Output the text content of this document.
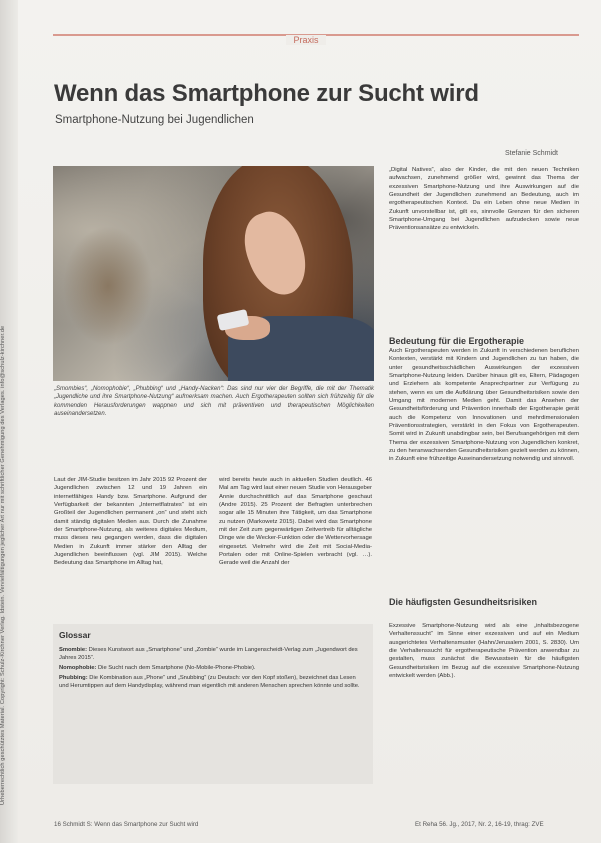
Urheberrechtlich geschütztes Material. Copyright: Schulz-Kirchner Verlag. Idstein. Vervielfältigungen jeglicher Art nur mit schriftlicher Genehmigung des Verlages. info@schulz-kirchner.de
Praxis
Wenn das Smartphone zur Sucht wird
Smartphone-Nutzung bei Jugendlichen
Stefanie Schmidt
„Smombies“, „Nomophobie“, „Phubbing“ und „Handy-Nacken“: Das sind nur vier der Begriffe, die mit der Thematik „Jugendliche und ihre Smartphone-Nutzung“ aufmerksam machen. Auch Ergotherapeuten sollten sich frühzeitig für die kommenden Herausforderungen wappnen und sich mit präventiven und therapeutischen Möglichkeiten auseinandersetzen.

Laut der JIM-Studie besitzen im Jahr 2015 92 Prozent der Jugendlichen zwischen 12 und 19 Jahren ein internetfähiges Handy bzw. Smartphone. Aufgrund der Verfügbarkeit der bekannten „Internetflatrates“ ist ein Großteil der Jugendlichen permanent „on“ und steht sich damit ständig digitalen Medien aus. Durch die Zunahme der Smartphone-Nutzung, als weiteres digitales Medium, muss dieses neu gegangen werden, dass die digitalen Medien in Zukunft immer stärker den Alltag der Jugendlichen beeinflussen (vgl. JIM 2015). Welche Bedeutung das Smartphone im Alltag hat,

wird bereits heute auch in aktuellen Studien deutlich. 46 Mal am Tag wird laut einer neuen Studie von Herausgeber Annie durchschnittlich auf das Smartphone geschaut (Andre 2015). 25 Prozent der Befragten unterbrechen sogar alle 15 Minuten ihre Tätigkeit, um das Smartphone zu nutzen (Markowetz 2015). Dabei wird das Smartphone mit der Zeit zum gegenwärtigen Zeitvertreib für alltägliche Dinge wie die Wecker-Funktion oder die Wettervorhersage eingesetzt. Vielmehr wird die Zeit mit Social-Media-Portalen oder mit Online-Spielen verbracht (vgl. …). Gerade weil die Anzahl der

„Digital Natives“, also der Kinder, die mit den neuen Techniken aufwachsen, zunehmend größer wird, gewinnt das Thema der exzessiven Smartphone-Nutzung und ihre Auswirkungen auf die Gesundheit der Jugendlichen zunehmend an Bedeutung, auch im ergotherapeutischen Kontext. Da ein Leben ohne neue Medien in Zukunft unvorstellbar ist, gilt es, sinnvolle Grenzen für den sicheren Smartphone-Umgang bei Jugendlichen aufzudecken sowie neue Präventionsansätze zu entwickeln.

Bedeutung für die Ergotherapie

Auch Ergotherapeuten werden in Zukunft in verschiedenen beruflichen Kontexten, verstärkt mit Kindern und Jugendlichen zu tun haben, die unter gesundheitsschädlichen Auswirkungen der exzessiven Smartphone-Nutzung leiden. Darüber hinaus gilt es, Eltern, Pädagogen und Erziehern als kompetente Ansprechpartner zur Verfügung zu stehen, wenn es um die Aufklärung über Gesundheitsrisiken sowie den Umgang mit modernen Medien geht. Damit das Ansehen der Gesundheitsförderung und Prävention innerhalb der Ergotherapie gerät auch die Kompetenz von Innovationen und mehrdimensionalen Präventionsstrategien, verstärkt in den Fokus von Ergotherapeuten. Somit wird in Zukunft unabdingbar sein, bei Berufsangehörigen mit dem Thema der exzessiven Smartphone-Nutzung von Jugendlichen konkret, zu den heranwachsenden Gesundheitsrisiken gezielt werden zu können, in Zukunft eine frühzeitige Auseinandersetzung notwendig und sinnvoll.

Die häufigsten Gesundheitsrisiken

Exzessive Smartphone-Nutzung wird als eine „inhaltsbezogene Verhaltenssucht“ im Sinne einer exzessiven und auf ein Medium ausgerichtetes Verhaltensmuster (Hahn/Jerusalem 2001, S. 2830). Um die Verhaltenssucht für ergotherapeutische Prävention anwendbar zu gestalten, muss zunächst die Bewusstsein für die häufigsten Gesundheitsrisiken im Bezug auf die exzessive Smartphone-Nutzung entwickelt werden (Abb.).

Glossar
Smombie: Dieses Kunstwort aus „Smartphone“ und „Zombie“ wurde im Langenscheidt-Verlag zum „Jugendwort des Jahres 2015“.
Nomophobie: Die Sucht nach dem Smartphone (No-Mobile-Phone-Phobie).
Phubbing: Die Kombination aus „Phone“ und „Snubbing“ (zu Deutsch: vor den Kopf stoßen), bezeichnet das Lesen und Herumtippen auf dem Handydisplay, während man eigentlich mit anderen Menschen sprechen könnte und sollte.
16 Schmidt S: Wenn das Smartphone zur Sucht wird	Et Reha 56. Jg., 2017, Nr. 2, 16-19, thrag: ZVE
